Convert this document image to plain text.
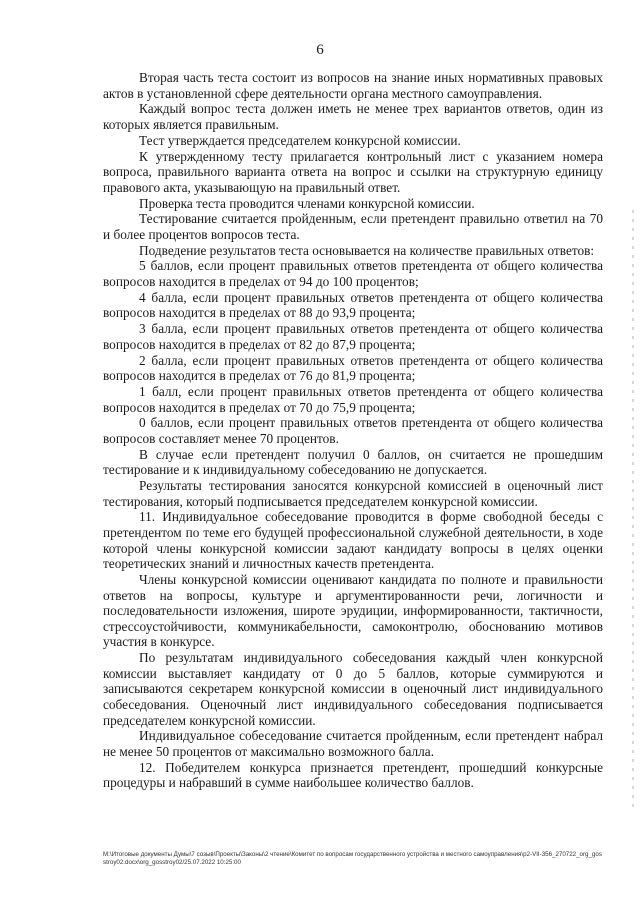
6

Вторая часть теста состоит из вопросов на знание иных нормативных правовых актов в установленной сфере деятельности органа местного самоуправления.

Каждый вопрос теста должен иметь не менее трех вариантов ответов, один из которых является правильным.

Тест утверждается председателем конкурсной комиссии.

К утвержденному тесту прилагается контрольный лист с указанием номера вопроса, правильного варианта ответа на вопрос и ссылки на структурную единицу правового акта, указывающую на правильный ответ.

Проверка теста проводится членами конкурсной комиссии.

Тестирование считается пройденным, если претендент правильно ответил на 70 и более процентов вопросов теста.

Подведение результатов теста основывается на количестве правильных ответов:

5 баллов, если процент правильных ответов претендента от общего количества вопросов находится в пределах от 94 до 100 процентов;

4 балла, если процент правильных ответов претендента от общего количества вопросов находится в пределах от 88 до 93,9 процента;

3 балла, если процент правильных ответов претендента от общего количества вопросов находится в пределах от 82 до 87,9 процента;

2 балла, если процент правильных ответов претендента от общего количества вопросов находится в пределах от 76 до 81,9 процента;

1 балл, если процент правильных ответов претендента от общего количества вопросов находится в пределах от 70 до 75,9 процента;

0 баллов, если процент правильных ответов претендента от общего количества вопросов составляет менее 70 процентов.

В случае если претендент получил 0 баллов, он считается не прошедшим тестирование и к индивидуальному собеседованию не допускается.

Результаты тестирования заносятся конкурсной комиссией в оценочный лист тестирования, который подписывается председателем конкурсной комиссии.

11. Индивидуальное собеседование проводится в форме свободной беседы с претендентом по теме его будущей профессиональной служебной деятельности, в ходе которой члены конкурсной комиссии задают кандидату вопросы в целях оценки теоретических знаний и личностных качеств претендента.

Члены конкурсной комиссии оценивают кандидата по полноте и правильности ответов на вопросы, культуре и аргументированности речи, логичности и последовательности изложения, широте эрудиции, информированности, тактичности, стрессоустойчивости, коммуникабельности, самоконтролю, обоснованию мотивов участия в конкурсе.

По результатам индивидуального собеседования каждый член конкурсной комиссии выставляет кандидату от 0 до 5 баллов, которые суммируются и записываются секретарем конкурсной комиссии в оценочный лист индивидуального собеседования. Оценочный лист индивидуального собеседования подписывается председателем конкурсной комиссии.

Индивидуальное собеседование считается пройденным, если претендент набрал не менее 50 процентов от максимально возможного балла.

12. Победителем конкурса признается претендент, прошедший конкурсные процедуры и набравший в сумме наибольшее количество баллов.

M:\Итоговые документы Думы\7 созыв\Проекты\Законы\2 чтение\Комитет по вопросам государственного устройства и местного самоуправления\р2-VII-356_270722_org_gosstroy02.docx\org_gosstroy02/25.07.2022 10:25:00
